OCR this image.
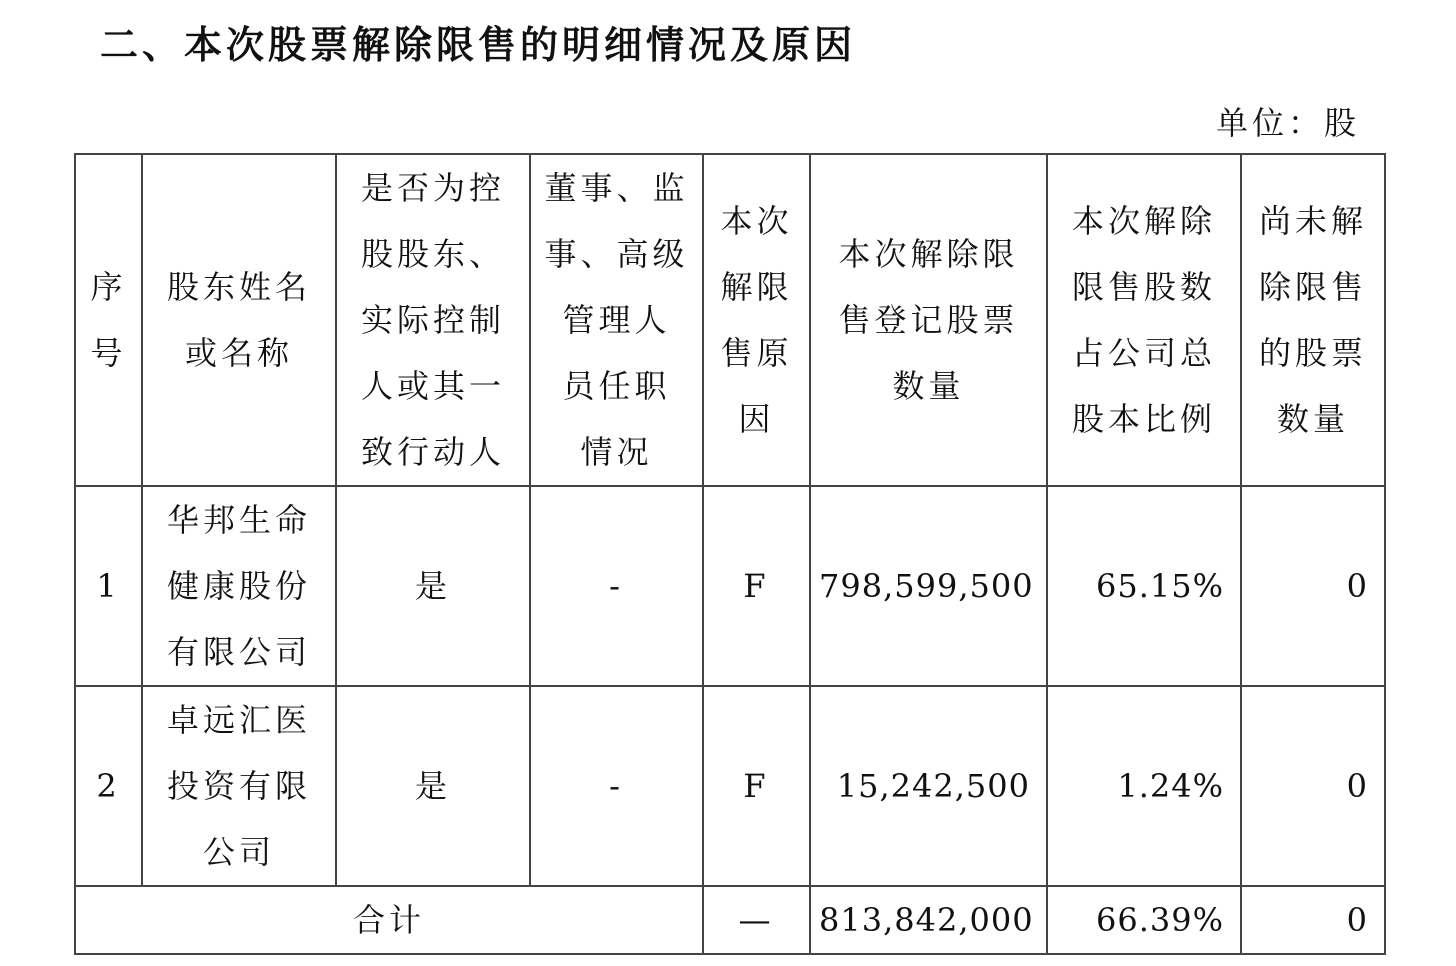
二、本次股票解除限售的明细情况及原因
单位：股
序
号	股东姓名
或名称	是否为控
股股东、
实际控制
人或其一
致行动人	董事、监
事、高级
管理人
员任职
情况	本次
解限
售原
因	本次解除限
售登记股票
数量	本次解除
限售股数
占公司总
股本比例	尚未解
除限售
的股票
数量

1	华邦生命
健康股份
有限公司	是	-	F	798,599,500	65.15%	0
2	卓远汇医
投资有限
公司	是	-	F	15,242,500	1.24%	0
合计				—	813,842,000	66.39%	0
